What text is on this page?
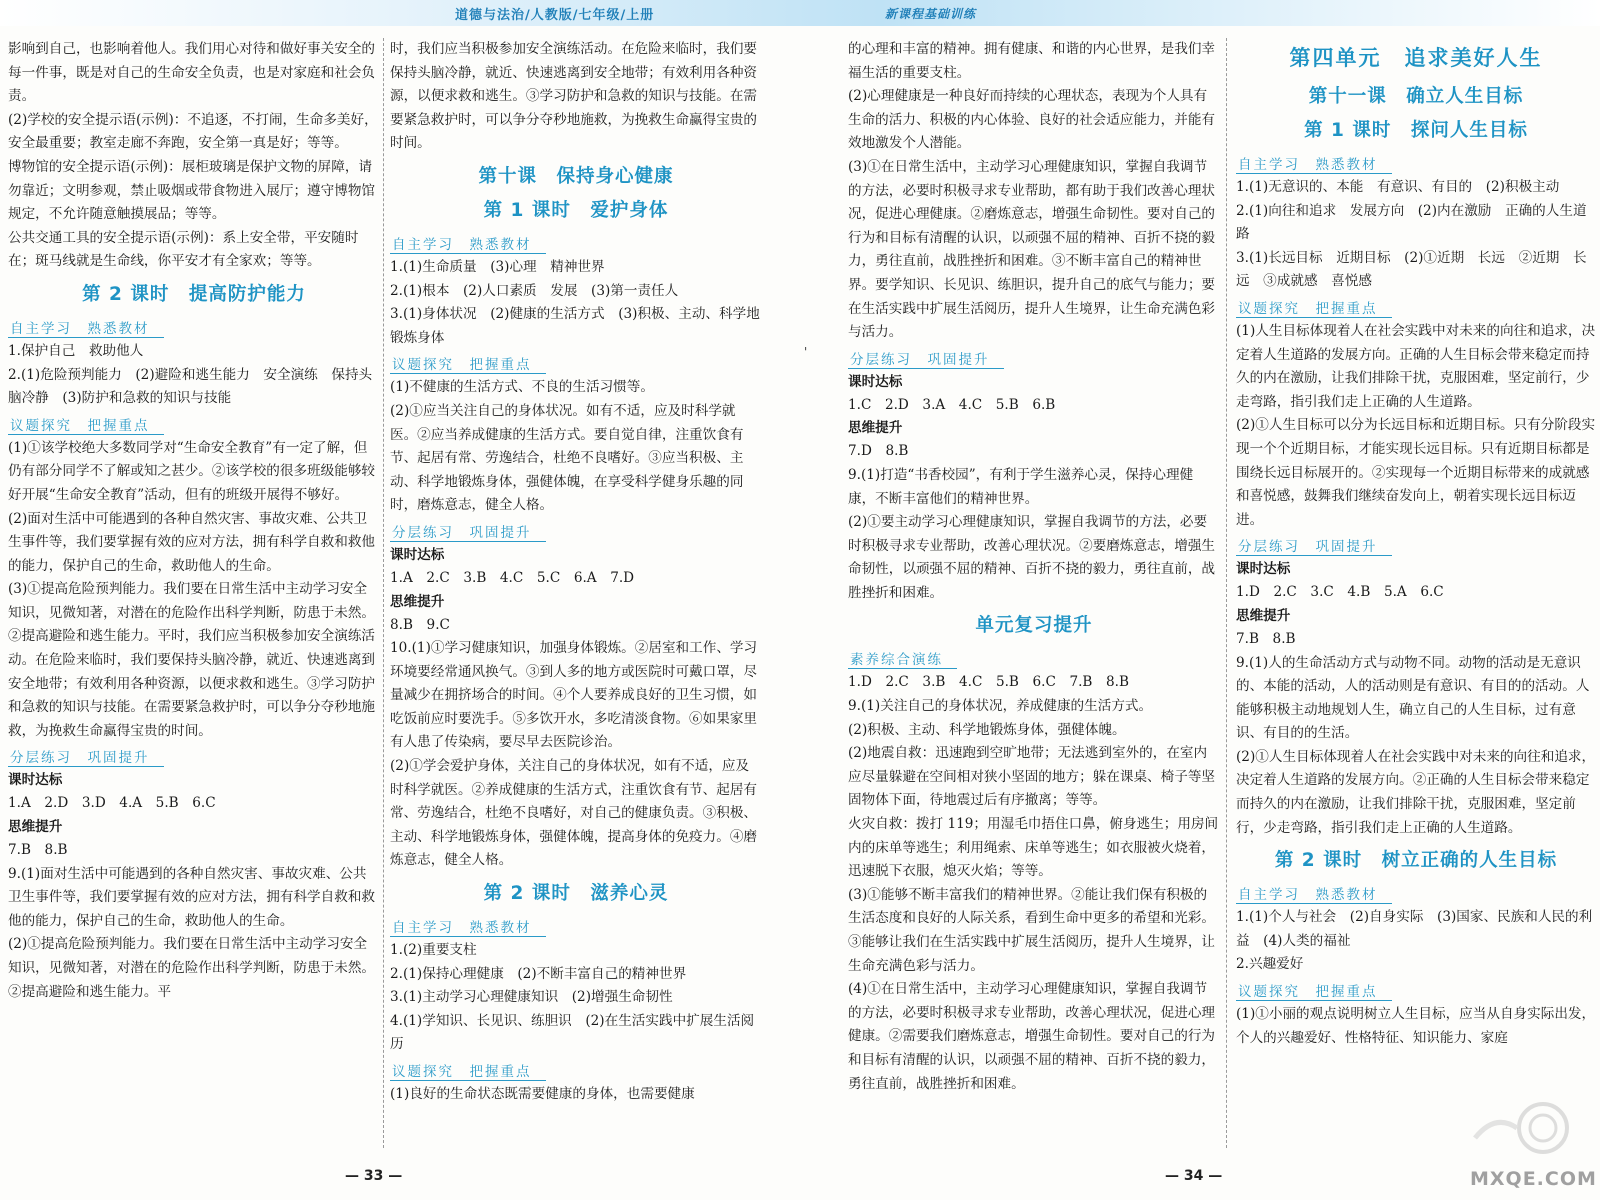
道德与法治/人教版/七年级/上册	新课程基础训练
'

影响到自己，也影响着他人。我们用心对待和做好事关安全的每一件事，既是对自己的生命安全负责，也是对家庭和社会负责。
(2)学校的安全提示语(示例)：不追逐，不打闹，生命多美好，安全最重要；教室走廊不奔跑，安全第一真是好；等等。
博物馆的安全提示语(示例)：展柜玻璃是保护文物的屏障，请勿靠近；文明参观，禁止吸烟或带食物进入展厅；遵守博物馆规定，不允许随意触摸展品；等等。
公共交通工具的安全提示语(示例)：系上安全带，平安随时在；斑马线就是生命线，你平安才有全家欢；等等。

第 2 课时　提高防护能力
自主学习　熟悉教材

1.保护自己　救助他人
2.(1)危险预判能力　(2)避险和逃生能力　安全演练　保持头脑冷静　(3)防护和急救的知识与技能

议题探究　把握重点

(1)①该学校绝大多数同学对“生命安全教育”有一定了解，但仍有部分同学不了解或知之甚少。②该学校的很多班级能够较好开展“生命安全教育”活动，但有的班级开展得不够好。
(2)面对生活中可能遇到的各种自然灾害、事故灾难、公共卫生事件等，我们要掌握有效的应对方法，拥有科学自救和救他的能力，保护自己的生命，救助他人的生命。
(3)①提高危险预判能力。我们要在日常生活中主动学习安全知识，见微知著，对潜在的危险作出科学判断，防患于未然。②提高避险和逃生能力。平时，我们应当积极参加安全演练活动。在危险来临时，我们要保持头脑冷静，就近、快速逃离到安全地带；有效利用各种资源，以便求救和逃生。③学习防护和急救的知识与技能。在需要紧急救护时，可以争分夺秒地施救，为挽救生命赢得宝贵的时间。

分层练习　巩固提升

课时达标

1.A　2.D　3.D　4.A　5.B　6.C

思维提升

7.B　8.B

9.(1)面对生活中可能遇到的各种自然灾害、事故灾难、公共卫生事件等，我们要掌握有效的应对方法，拥有科学自救和救他的能力，保护自己的生命，救助他人的生命。
(2)①提高危险预判能力。我们要在日常生活中主动学习安全知识，见微知著，对潜在的危险作出科学判断，防患于未然。②提高避险和逃生能力。平

时，我们应当积极参加安全演练活动。在危险来临时，我们要保持头脑冷静，就近、快速逃离到安全地带；有效利用各种资源，以便求救和逃生。③学习防护和急救的知识与技能。在需要紧急救护时，可以争分夺秒地施救，为挽救生命赢得宝贵的时间。

第十课　保持身心健康
第 1 课时　爱护身体
自主学习　熟悉教材

1.(1)生命质量　(3)心理　精神世界
2.(1)根本　(2)人口素质　发展　(3)第一责任人
3.(1)身体状况　(2)健康的生活方式　(3)积极、主动、科学地锻炼身体

议题探究　把握重点

(1)不健康的生活方式、不良的生活习惯等。
(2)①应当关注自己的身体状况。如有不适，应及时科学就医。②应当养成健康的生活方式。要自觉自律，注重饮食有节、起居有常、劳逸结合，杜绝不良嗜好。③应当积极、主动、科学地锻炼身体，强健体魄，在享受科学健身乐趣的同时，磨炼意志，健全人格。

分层练习　巩固提升

课时达标

1.A　2.C　3.B　4.C　5.C　6.A　7.D

思维提升

8.B　9.C

10.(1)①学习健康知识，加强身体锻炼。②居室和工作、学习环境要经常通风换气。③到人多的地方或医院时可戴口罩，尽量减少在拥挤场合的时间。④个人要养成良好的卫生习惯，如吃饭前应时要洗手。⑤多饮开水，多吃清淡食物。⑥如果家里有人患了传染病，要尽早去医院诊治。
(2)①学会爱护身体，关注自己的身体状况，如有不适，应及时科学就医。②养成健康的生活方式，注重饮食有节、起居有常、劳逸结合，杜绝不良嗜好，对自己的健康负责。③积极、主动、科学地锻炼身体，强健体魄，提高身体的免疫力。④磨炼意志，健全人格。

第 2 课时　滋养心灵
自主学习　熟悉教材

1.(2)重要支柱
2.(1)保持心理健康　(2)不断丰富自己的精神世界
3.(1)主动学习心理健康知识　(2)增强生命韧性
4.(1)学知识、长见识、练胆识　(2)在生活实践中扩展生活阅历

议题探究　把握重点

(1)良好的生命状态既需要健康的身体，也需要健康

的心理和丰富的精神。拥有健康、和谐的内心世界，是我们幸福生活的重要支柱。
(2)心理健康是一种良好而持续的心理状态，表现为个人具有生命的活力、积极的内心体验、良好的社会适应能力，并能有效地激发个人潜能。
(3)①在日常生活中，主动学习心理健康知识，掌握自我调节的方法，必要时积极寻求专业帮助，都有助于我们改善心理状况，促进心理健康。②磨炼意志，增强生命韧性。要对自己的行为和目标有清醒的认识，以顽强不屈的精神、百折不挠的毅力，勇往直前，战胜挫折和困难。③不断丰富自己的精神世界。要学知识、长见识、练胆识，提升自己的底气与能力；要在生活实践中扩展生活阅历，提升人生境界，让生命充满色彩与活力。

分层练习　巩固提升

课时达标

1.C　2.D　3.A　4.C　5.B　6.B

思维提升

7.D　8.B

9.(1)打造“书香校园”，有利于学生滋养心灵，保持心理健康，不断丰富他们的精神世界。
(2)①要主动学习心理健康知识，掌握自我调节的方法，必要时积极寻求专业帮助，改善心理状况。②要磨炼意志，增强生命韧性，以顽强不屈的精神、百折不挠的毅力，勇往直前，战胜挫折和困难。

单元复习提升
素养综合演练

1.D　2.C　3.B　4.C　5.B　6.C　7.B　8.B

9.(1)关注自己的身体状况，养成健康的生活方式。
(2)积极、主动、科学地锻炼身体，强健体魄。
(2)地震自救：迅速跑到空旷地带；无法逃到室外的，在室内应尽量躲避在空间相对狭小坚固的地方；躲在课桌、椅子等坚固物体下面，待地震过后有序撤离；等等。
火灾自救：拨打 119；用湿毛巾捂住口鼻，俯身逃生；用房间内的床单等逃生；利用绳索、床单等逃生；如衣服被火烧着，迅速脱下衣服，熄灭火焰；等等。
(3)①能够不断丰富我们的精神世界。②能让我们保有积极的生活态度和良好的人际关系，看到生命中更多的希望和光彩。③能够让我们在生活实践中扩展生活阅历，提升人生境界，让生命充满色彩与活力。
(4)①在日常生活中，主动学习心理健康知识，掌握自我调节的方法，必要时积极寻求专业帮助，改善心理状况，促进心理健康。②需要我们磨炼意志，增强生命韧性。要对自己的行为和目标有清醒的认识，以顽强不屈的精神、百折不挠的毅力，勇往直前，战胜挫折和困难。

第四单元　追求美好人生
第十一课　确立人生目标
第 1 课时　探问人生目标
自主学习　熟悉教材

1.(1)无意识的、本能　有意识、有目的　(2)积极主动
2.(1)向往和追求　发展方向　(2)内在激励　正确的人生道路
3.(1)长远目标　近期目标　(2)①近期　长远　②近期　长远　③成就感　喜悦感

议题探究　把握重点

(1)人生目标体现着人在社会实践中对未来的向往和追求，决定着人生道路的发展方向。正确的人生目标会带来稳定而持久的内在激励，让我们排除干扰，克服困难，坚定前行，少走弯路，指引我们走上正确的人生道路。
(2)①人生目标可以分为长远目标和近期目标。只有分阶段实现一个个近期目标，才能实现长远目标。只有近期目标都是围绕长远目标展开的。②实现每一个近期目标带来的成就感和喜悦感，鼓舞我们继续奋发向上，朝着实现长远目标迈进。

分层练习　巩固提升

课时达标

1.D　2.C　3.C　4.B　5.A　6.C

思维提升

7.B　8.B

9.(1)人的生命活动方式与动物不同。动物的活动是无意识的、本能的活动，人的活动则是有意识、有目的的活动。人能够积极主动地规划人生，确立自己的人生目标，过有意识、有目的的生活。
(2)①人生目标体现着人在社会实践中对未来的向往和追求，决定着人生道路的发展方向。②正确的人生目标会带来稳定而持久的内在激励，让我们排除干扰，克服困难，坚定前行，少走弯路，指引我们走上正确的人生道路。

第 2 课时　树立正确的人生目标
自主学习　熟悉教材

1.(1)个人与社会　(2)自身实际　(3)国家、民族和人民的利益　(4)人类的福祉
2.兴趣爱好

议题探究　把握重点

(1)①小丽的观点说明树立人生目标，应当从自身实际出发，个人的兴趣爱好、性格特征、知识能力、家庭

— 33 —	— 34 —	MXQE.COM
